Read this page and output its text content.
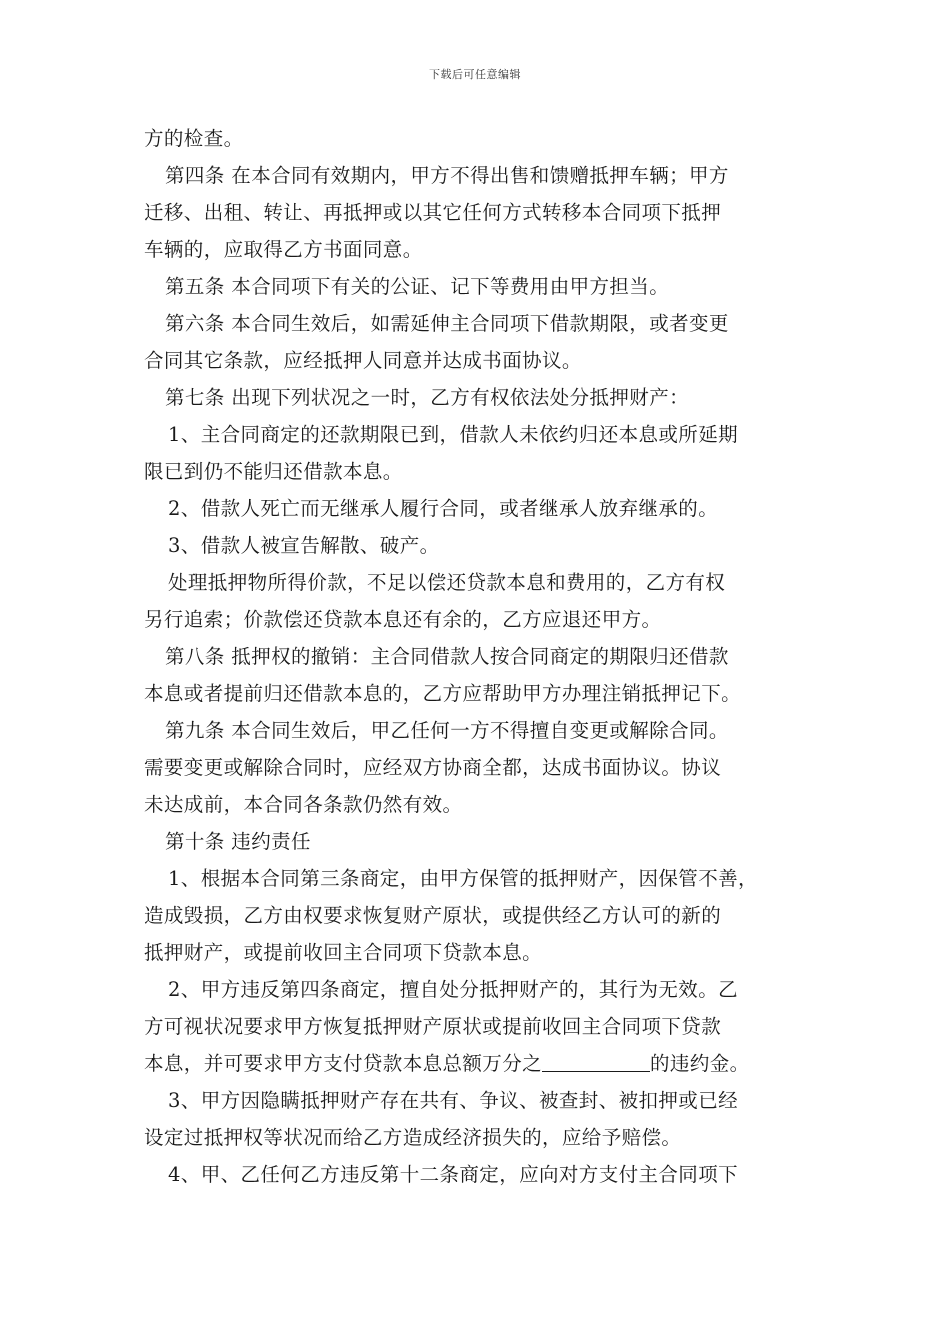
下载后可任意编辑
方的检查。
第四条 在本合同有效期内，甲方不得出售和馈赠抵押车辆；甲方
迁移、出租、转让、再抵押或以其它任何方式转移本合同项下抵押
车辆的，应取得乙方书面同意。
第五条 本合同项下有关的公证、记下等费用由甲方担当。
第六条 本合同生效后，如需延伸主合同项下借款期限，或者变更
合同其它条款，应经抵押人同意并达成书面协议。
第七条 出现下列状况之一时，乙方有权依法处分抵押财产：
1、主合同商定的还款期限已到，借款人未依约归还本息或所延期
限已到仍不能归还借款本息。
2、借款人死亡而无继承人履行合同，或者继承人放弃继承的。
3、借款人被宣告解散、破产。
处理抵押物所得价款，不足以偿还贷款本息和费用的，乙方有权
另行追索；价款偿还贷款本息还有余的，乙方应退还甲方。
第八条 抵押权的撤销：主合同借款人按合同商定的期限归还借款
本息或者提前归还借款本息的，乙方应帮助甲方办理注销抵押记下。
第九条 本合同生效后，甲乙任何一方不得擅自变更或解除合同。
需要变更或解除合同时，应经双方协商全都，达成书面协议。协议
未达成前，本合同各条款仍然有效。
第十条 违约责任
1、根据本合同第三条商定，由甲方保管的抵押财产，因保管不善，
造成毁损，乙方由权要求恢复财产原状，或提供经乙方认可的新的
抵押财产，或提前收回主合同项下贷款本息。
2、甲方违反第四条商定，擅自处分抵押财产的，其行为无效。乙
方可视状况要求甲方恢复抵押财产原状或提前收回主合同项下贷款
本息，并可要求甲方支付贷款本息总额万分之	的违约金。
3、甲方因隐瞒抵押财产存在共有、争议、被查封、被扣押或已经
设定过抵押权等状况而给乙方造成经济损失的，应给予赔偿。
4、甲、乙任何乙方违反第十二条商定，应向对方支付主合同项下
